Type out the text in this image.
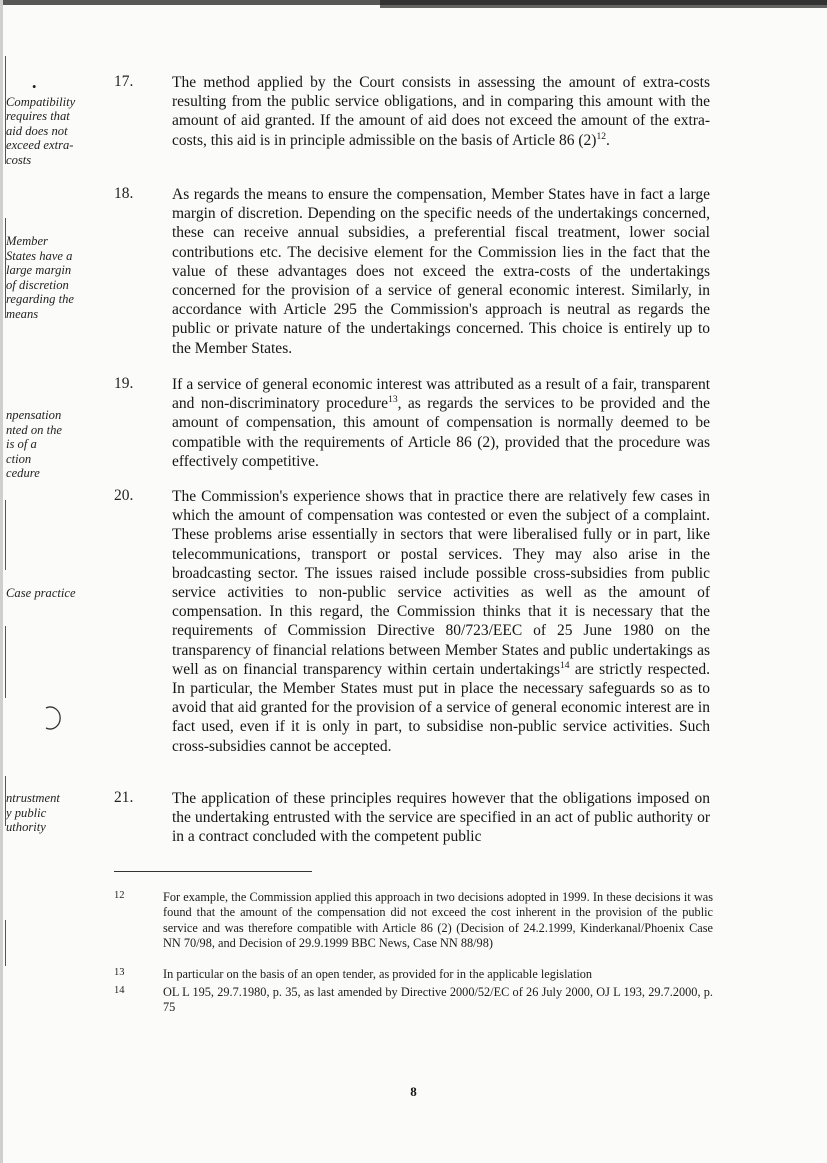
•
Compatibility
requires that
aid does not
exceed extra-
costs
Member
States have a
large margin
of discretion
regarding the
means
npensation
nted on the
is of a
ction
cedure
Case practice
ntrustment
y public
uthority
17. The method applied by the Court consists in assessing the amount of extra-costs resulting from the public service obligations, and in comparing this amount with the amount of aid granted. If the amount of aid does not exceed the amount of the extra-costs, this aid is in principle admissible on the basis of Article 86 $(2)^{12}$.
18. As regards the means to ensure the compensation, Member States have in fact a large margin of discretion. Depending on the specific needs of the undertakings concerned, these can receive annual subsidies, a preferential fiscal treatment, lower social contributions etc. The decisive element for the Commission lies in the fact that the value of these advantages does not exceed the extra-costs of the undertakings concerned for the provision of a service of general economic interest. Similarly, in accordance with Article 295 the Commission's approach is neutral as regards the public or private nature of the undertakings concerned. This choice is entirely up to the Member States.
19. If a service of general economic interest was attributed as a result of a fair, transparent and non-discriminatory procedure$^{13}$, as regards the services to be provided and the amount of compensation, this amount of compensation is normally deemed to be compatible with the requirements of Article 86 (2), provided that the procedure was effectively competitive.
20. The Commission's experience shows that in practice there are relatively few cases in which the amount of compensation was contested or even the subject of a complaint. These problems arise essentially in sectors that were liberalised fully or in part, like telecommunications, transport or postal services. They may also arise in the broadcasting sector. The issues raised include possible cross-subsidies from public service activities to non-public service activities as well as the amount of compensation. In this regard, the Commission thinks that it is necessary that the requirements of Commission Directive 80/723/EEC of 25 June 1980 on the transparency of financial relations between Member States and public undertakings as well as on financial transparency within certain undertakings$^{14}$ are strictly respected. In particular, the Member States must put in place the necessary safeguards so as to avoid that aid granted for the provision of a service of general economic interest are in fact used, even if it is only in part, to subsidise non-public service activities. Such cross-subsidies cannot be accepted.
21. The application of these principles requires however that the obligations imposed on the undertaking entrusted with the service are specified in an act of public authority or in a contract concluded with the competent public
12	For example, the Commission applied this approach in two decisions adopted in 1999. In these decisions it was found that the amount of the compensation did not exceed the cost inherent in the provision of the public service and was therefore compatible with Article 86 (2) (Decision of 24.2.1999, Kinderkanal/Phoenix Case NN 70/98, and Decision of 29.9.1999 BBC News, Case NN 88/98)
13	In particular on the basis of an open tender, as provided for in the applicable legislation
14	OL L 195, 29.7.1980, p. 35, as last amended by Directive 2000/52/EC of 26 July 2000, OJ L 193, 29.7.2000, p. 75
8
